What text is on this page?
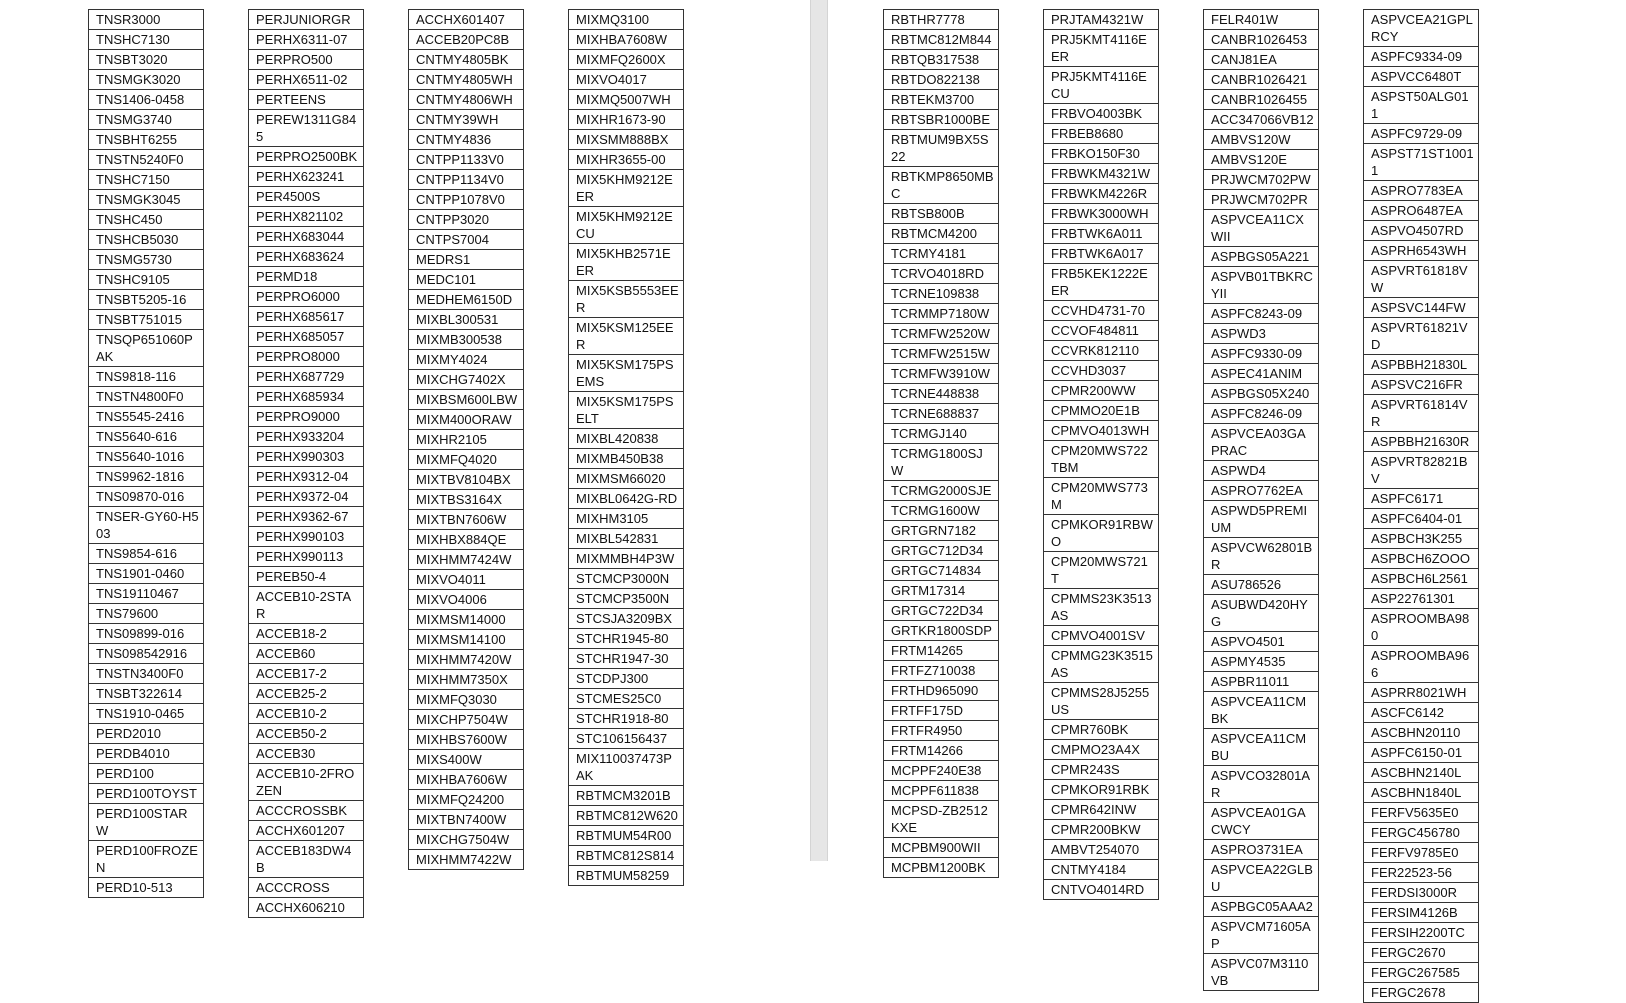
TNSR3000
TNSHC7130
TNSBT3020
TNSMGK3020
TNS1406-0458
TNSMG3740
TNSBHT6255
TNSTN5240F0
TNSHC7150
TNSMGK3045
TNSHC450
TNSHCB5030
TNSMG5730
TNSHC9105
TNSBT5205-16
TNSBT751015
TNSQP651060PAK
TNS9818-116
TNSTN4800F0
TNS5545-2416
TNS5640-616
TNS5640-1016
TNS9962-1816
TNS09870-016
TNSER-GY60-H503
TNS9854-616
TNS1901-0460
TNS19110467
TNS79600
TNS09899-016
TNS098542916
TNSTN3400F0
TNSBT322614
TNS1910-0465
PERD2010
PERDB4010
PERD100
PERD100TOYST
PERD100STARW
PERD100FROZEN
PERD10-513
PERJUNIORGR
PERHX6311-07
PERPRO500
PERHX6511-02
PERTEENS
PEREW1311G845
PERPRO2500BK
PERHX623241
PER4500S
PERHX821102
PERHX683044
PERHX683624
PERMD18
PERPRO6000
PERHX685617
PERHX685057
PERPRO8000
PERHX687729
PERHX685934
PERPRO9000
PERHX933204
PERHX990303
PERHX9312-04
PERHX9372-04
PERHX9362-67
PERHX990103
PERHX990113
PEREB50-4
ACCEB10-2STAR
ACCEB18-2
ACCEB60
ACCEB17-2
ACCEB25-2
ACCEB10-2
ACCEB50-2
ACCEB30
ACCEB10-2FROZEN
ACCCROSSBK
ACCHX601207
ACCEB183DW4B
ACCCROSS
ACCHX606210
ACCHX601407
ACCEB20PC8B
CNTMY4805BK
CNTMY4805WH
CNTMY4806WH
CNTMY39WH
CNTMY4836
CNTPP1133V0
CNTPP1134V0
CNTPP1078V0
CNTPP3020
CNTPS7004
MEDRS1
MEDC101
MEDHEM6150D
MIXBL300531
MIXMB300538
MIXMY4024
MIXCHG7402X
MIXBSM600LBW
MIXM400ORAW
MIXHR2105
MIXMFQ4020
MIXTBV8104BX
MIXTBS3164X
MIXTBN7606W
MIXHBX884QE
MIXHMM7424W
MIXVO4011
MIXVO4006
MIXMSM14000
MIXMSM14100
MIXHMM7420W
MIXHMM7350X
MIXMFQ3030
MIXCHP7504W
MIXHBS7600W
MIXS400W
MIXHBA7606W
MIXMFQ24200
MIXTBN7400W
MIXCHG7504W
MIXHMM7422W
MIXMQ3100
MIXHBA7608W
MIXMFQ2600X
MIXVO4017
MIXMQ5007WH
MIXHR1673-90
MIXSMM888BX
MIXHR3655-00
MIX5KHM9212EER
MIX5KHM9212ECU
MIX5KHB2571EER
MIX5KSB5553EER
MIX5KSM125EER
MIX5KSM175PSEMS
MIX5KSM175PSELT
MIXBL420838
MIXMB450B38
MIXMSM66020
MIXBL0642G-RD
MIXHM3105
MIXBL542831
MIXMMBH4P3W
STCMCP3000N
STCMCP3500N
STCSJA3209BX
STCHR1945-80
STCHR1947-30
STCDPJ300
STCMES25C0
STCHR1918-80
STC106156437
MIX110037473PAK
RBTMCM3201B
RBTMC812W620
RBTMUM54R00
RBTMC812S814
RBTMUM58259
RBTHR7778
RBTMC812M844
RBTQB317538
RBTDO822138
RBTEKM3700
RBTSBR1000BE
RBTMUM9BX5S22
RBTKMP8650MBC
RBTSB800B
RBTMCM4200
TCRMY4181
TCRVO4018RD
TCRNE109838
TCRMMP7180W
TCRMFW2520W
TCRMFW2515W
TCRMFW3910W
TCRNE448838
TCRNE688837
TCRMGJ140
TCRMG1800SJW
TCRMG2000SJE
TCRMG1600W
GRTGRN7182
GRTGC712D34
GRTGC714834
GRTM17314
GRTGC722D34
GRTKR1800SDP
FRTM14265
FRTFZ710038
FRTHD965090
FRTFF175D
FRTFR4950
FRTM14266
MCPPF240E38
MCPPF611838
MCPSD-ZB2512KXE
MCPBM900WII
MCPBM1200BK
PRJTAM4321W
PRJ5KMT4116EER
PRJ5KMT4116ECU
FRBVO4003BK
FRBEB8680
FRBKO150F30
FRBWKM4321W
FRBWKM4226R
FRBWK3000WH
FRBTWK6A011
FRBTWK6A017
FRB5KEK1222EER
CCVHD4731-70
CCVOF484811
CCVRK812110
CCVHD3037
CPMR200WW
CPMMO20E1B
CPMVO4013WH
CPM20MWS722TBM
CPM20MWS773M
CPMKOR91RBWO
CPM20MWS721T
CPMMS23K3513AS
CPMVO4001SV
CPMMG23K3515AS
CPMMS28J5255US
CPMR760BK
CMPMO23A4X
CPMR243S
CPMKOR91RBK
CPMR642INW
CPMR200BKW
AMBVT254070
CNTMY4184
CNTVO4014RD
FELR401W
CANBR1026453
CANJ81EA
CANBR1026421
CANBR1026455
ACC347066VB12
AMBVS120W
AMBVS120E
PRJWCM702PW
PRJWCM702PR
ASPVCEA11CXWII
ASPBGS05A221
ASPVB01TBKRCYII
ASPFC8243-09
ASPWD3
ASPFC9330-09
ASPEC41ANIM
ASPBGS05X240
ASPFC8246-09
ASPVCEA03GAPRAC
ASPWD4
ASPRO7762EA
ASPWD5PREMIUM
ASPVCW62801BR
ASU786526
ASUBWD420HYG
ASPVO4501
ASPMY4535
ASPBR11011
ASPVCEA11CMBK
ASPVCEA11CMBU
ASPVCO32801AR
ASPVCEA01GACWCY
ASPRO3731EA
ASPVCEA22GLBU
ASPBGC05AAA2
ASPVCM71605AP
ASPVC07M3110VB
ASPVCEA21GPLRCY
ASPFC9334-09
ASPVCC6480T
ASPST50ALG011
ASPFC9729-09
ASPST71ST10011
ASPRO7783EA
ASPRO6487EA
ASPVO4507RD
ASPRH6543WH
ASPVRT61818VW
ASPSVC144FW
ASPVRT61821VD
ASPBBH21830L
ASPSVC216FR
ASPVRT61814VR
ASPBBH21630R
ASPVRT82821BV
ASPFC6171
ASPFC6404-01
ASPBCH3K255
ASPBCH6ZOOO
ASPBCH6L2561
ASP22761301
ASPROOMBA980
ASPROOMBA966
ASPRR8021WH
ASCFC6142
ASCBHN20110
ASPFC6150-01
ASCBHN2140L
ASCBHN1840L
FERFV5635E0
FERGC456780
FERFV9785E0
FER22523-56
FERDSI3000R
FERSIM4126B
FERSIH2200TC
FERGC2670
FERGC267585
FERGC2678
